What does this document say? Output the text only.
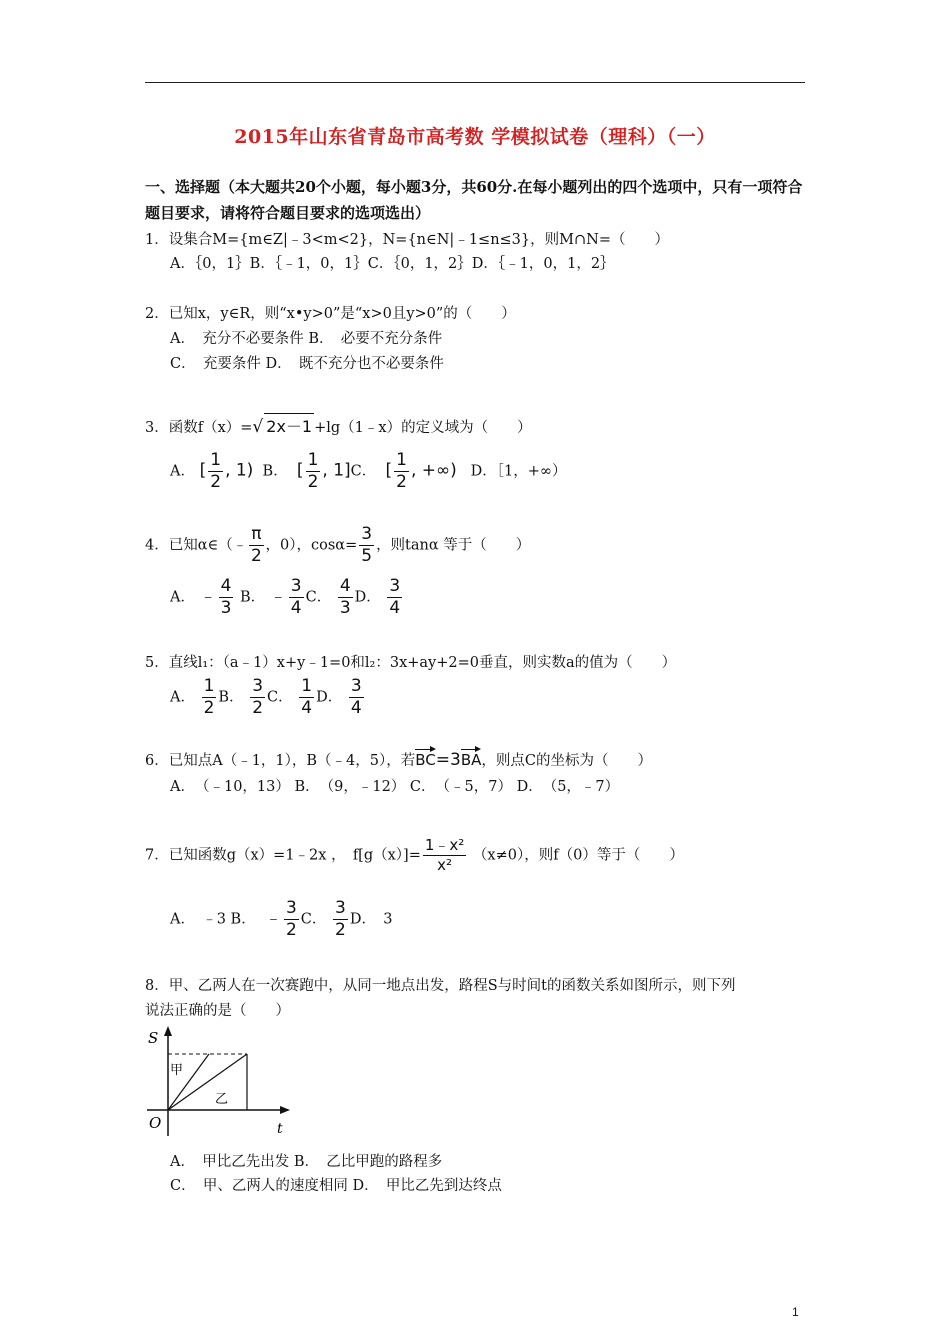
2015年山东省青岛市高考数 学模拟试卷（理科）（一）
一、选择题（本大题共20个小题，每小题3分，共60分.在每小题列出的四个选项中，只有一项符合题目要求，请将符合题目要求的选项选出）
1．设集合M={m∈Z|﹣3<m<2}，N={n∈N|﹣1≤n≤3}，则M∩N=（　　）
A．｛0，1｝B．｛﹣1，0，1｝C．｛0，1，2｝D．｛﹣1，0，1，2｝
2．已知x，y∈R，则“x•y>0”是“x>0且y>0”的（　　）
A．　充分不必要条件 B．　必要不充分条件
C．　充要条件 D．　既不充分也不必要条件
3．函数f（x）=√ 2x－1 +lg（1﹣x）的定义域为（　　）
A． [ $\frac{1}{2}$ , 1) B． [ $\frac{1}{2}$ , 1]C． [ $\frac{1}{2}$ , +∞) D．［1，+∞）
4．已知α∈（﹣ $\frac{\pi}{2}$ ，0），$\cos\alpha= \frac{3}{5}$ ，则tanα 等于（　　）
A． ﹣ $\frac{4}{3}$ B． ﹣ $\frac{3}{4}$ C． $\frac{4}{3}$ D． $\frac{3}{4}$
5．直线l₁：（a﹣1）x+y﹣1=0和l₂：3x+ay+2=0垂直，则实数a的值为（　　）
A． $\frac{1}{2}$ B． $\frac{3}{2}$ C． $\frac{1}{4}$ D． $\frac{3}{4}$
6．已知点A（﹣1，1），B（﹣4，5），若BC=3BA，则点C的坐标为（　　）
A．　（﹣10，13） B．　（9，﹣12） C．　（﹣5，7） D．　（5，﹣7）
7．已知函数g（x）=1﹣2x ，　$f[g(x)]= \frac{\text{1﹣x²}}{\text{x²}} (x\ne 0)$，则f（0）等于（　　）
A．　﹣3 B． ﹣ $\frac{3}{2}$ C． $\frac{3}{2}$ D．　3
8．甲、乙两人在一次赛跑中，从同一地点出发，路程S与时间t的函数关系如图所示，则下列
说法正确的是（　　）
S
t
O
甲
乙
A．　甲比乙先出发 B．　乙比甲跑的路程多
C．　甲、乙两人的速度相同 D．　甲比乙先到达终点
1
